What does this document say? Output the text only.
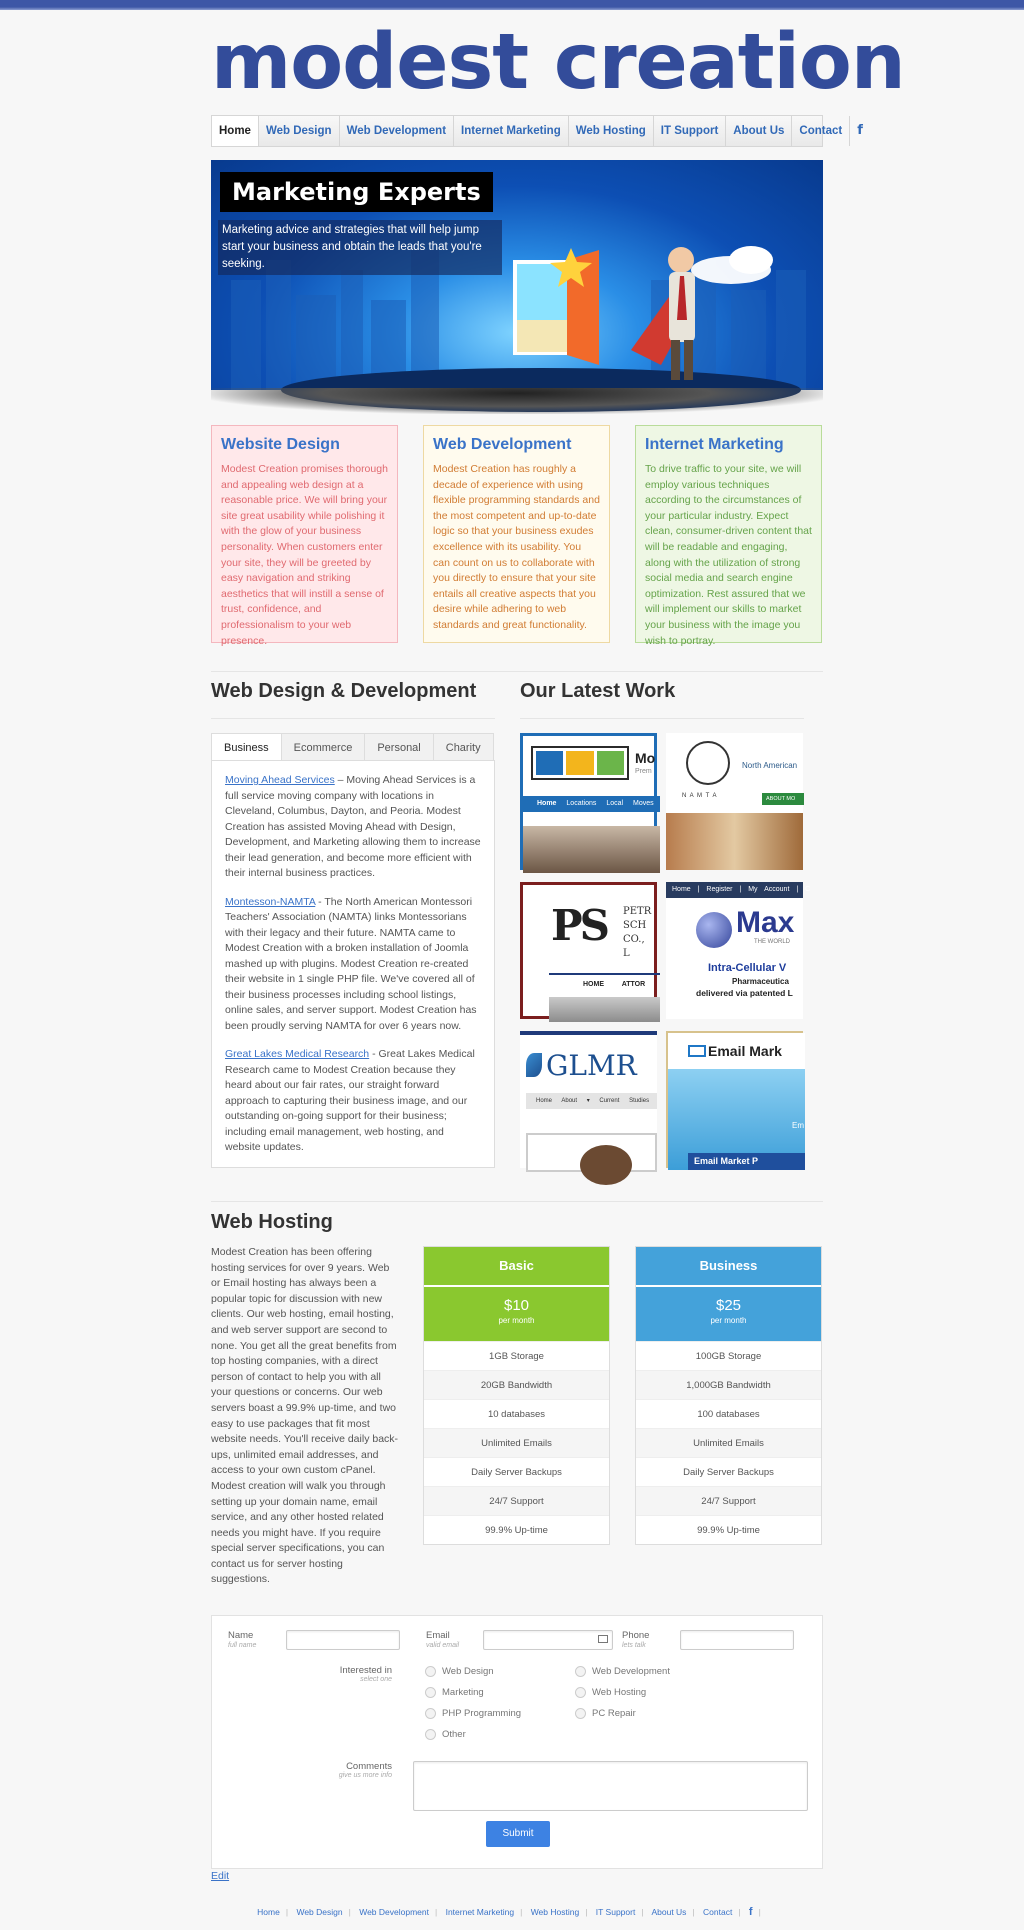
modest creation
Home	Web Design	Web Development	Internet Marketing	Web Hosting	IT Support	About Us	Contact	f
Marketing Experts
Marketing advice and strategies that will help jump start your business and obtain the leads that you're seeking.
Website Design

Modest Creation promises thorough and appealing web design at a reasonable price. We will bring your site great usability while polishing it with the glow of your business personality. When customers enter your site, they will be greeted by easy navigation and striking aesthetics that will instill a sense of trust, confidence, and professionalism to your web presence.

Web Development

Modest Creation has roughly a decade of experience with using flexible programming standards and the most competent and up-to-date logic so that your business exudes excellence with its usability. You can count on us to collaborate with you directly to ensure that your site entails all creative aspects that you desire while adhering to web standards and great functionality.

Internet Marketing

To drive traffic to your site, we will employ various techniques according to the circumstances of your particular industry. Expect clean, consumer-driven content that will be readable and engaging, along with the utilization of strong social media and search engine optimization. Rest assured that we will implement our skills to market your business with the image you wish to portray.

Web Design & Development
Business	Ecommerce	Personal	Charity

Moving Ahead Services – Moving Ahead Services is a full service moving company with locations in Cleveland, Columbus, Dayton, and Peoria. Modest Creation has assisted Moving Ahead with Design, Development, and Marketing allowing them to increase their lead generation, and become more efficient with their internal business practices.

Montesson-NAMTA - The North American Montessori Teachers' Association (NAMTA) links Montessorians with their legacy and their future. NAMTA came to Modest Creation with a broken installation of Joomla mashed up with plugins. Modest Creation re-created their website in 1 single PHP file. We've covered all of their business processes including school listings, online sales, and server support. Modest Creation has been proudly serving NAMTA for over 6 years now.

Great Lakes Medical Research - Great Lakes Medical Research came to Modest Creation because they heard about our fair rates, our straight forward approach to capturing their business image, and our outstanding on-going support for their business; including email management, web hosting, and website updates.

Our Latest Work
Mo
Prem
Home Locations Local Moves
N A M T A
North American
ABOUT MO
PS PETR
SCH
CO., L
HOME	ATTOR
Home | Register | My Account | C
Max
THE WORLD
Intra-Cellular V
Pharmaceutica
delivered via patented L
GLMR
Home About ▾ Current Studies
Email Mark
Em
Email Market P
Web Hosting
Modest Creation has been offering hosting services for over 9 years. Web or Email hosting has always been a popular topic for discussion with new clients. Our web hosting, email hosting, and web server support are second to none. You get all the great benefits from top hosting companies, with a direct person of contact to help you with all your questions or concerns. Our web servers boast a 99.9% up-time, and two easy to use packages that fit most website needs. You'll receive daily back-ups, unlimited email addresses, and access to your own custom cPanel. Modest creation will walk you through setting up your domain name, email service, and any other hosted related needs you might have. If you require special server specifications, you can contact us for server hosting suggestions.
Basic
$10
per month
1GB Storage
20GB Bandwidth
10 databases
Unlimited Emails
Daily Server Backups
24/7 Support
99.9% Up-time
Business
$25
per month
100GB Storage
1,000GB Bandwidth
100 databases
Unlimited Emails
Daily Server Backups
24/7 Support
99.9% Up-time
Name
full name
Email
valid email
Phone
lets talk
Interested in
select one
Web Design	Web Development
Marketing	Web Hosting
PHP Programming	PC Repair
Other
Comments
give us more info
Submit
Edit
Home | Web Design | Web Development | Internet Marketing | Web Hosting | IT Support | About Us | Contact | f |
